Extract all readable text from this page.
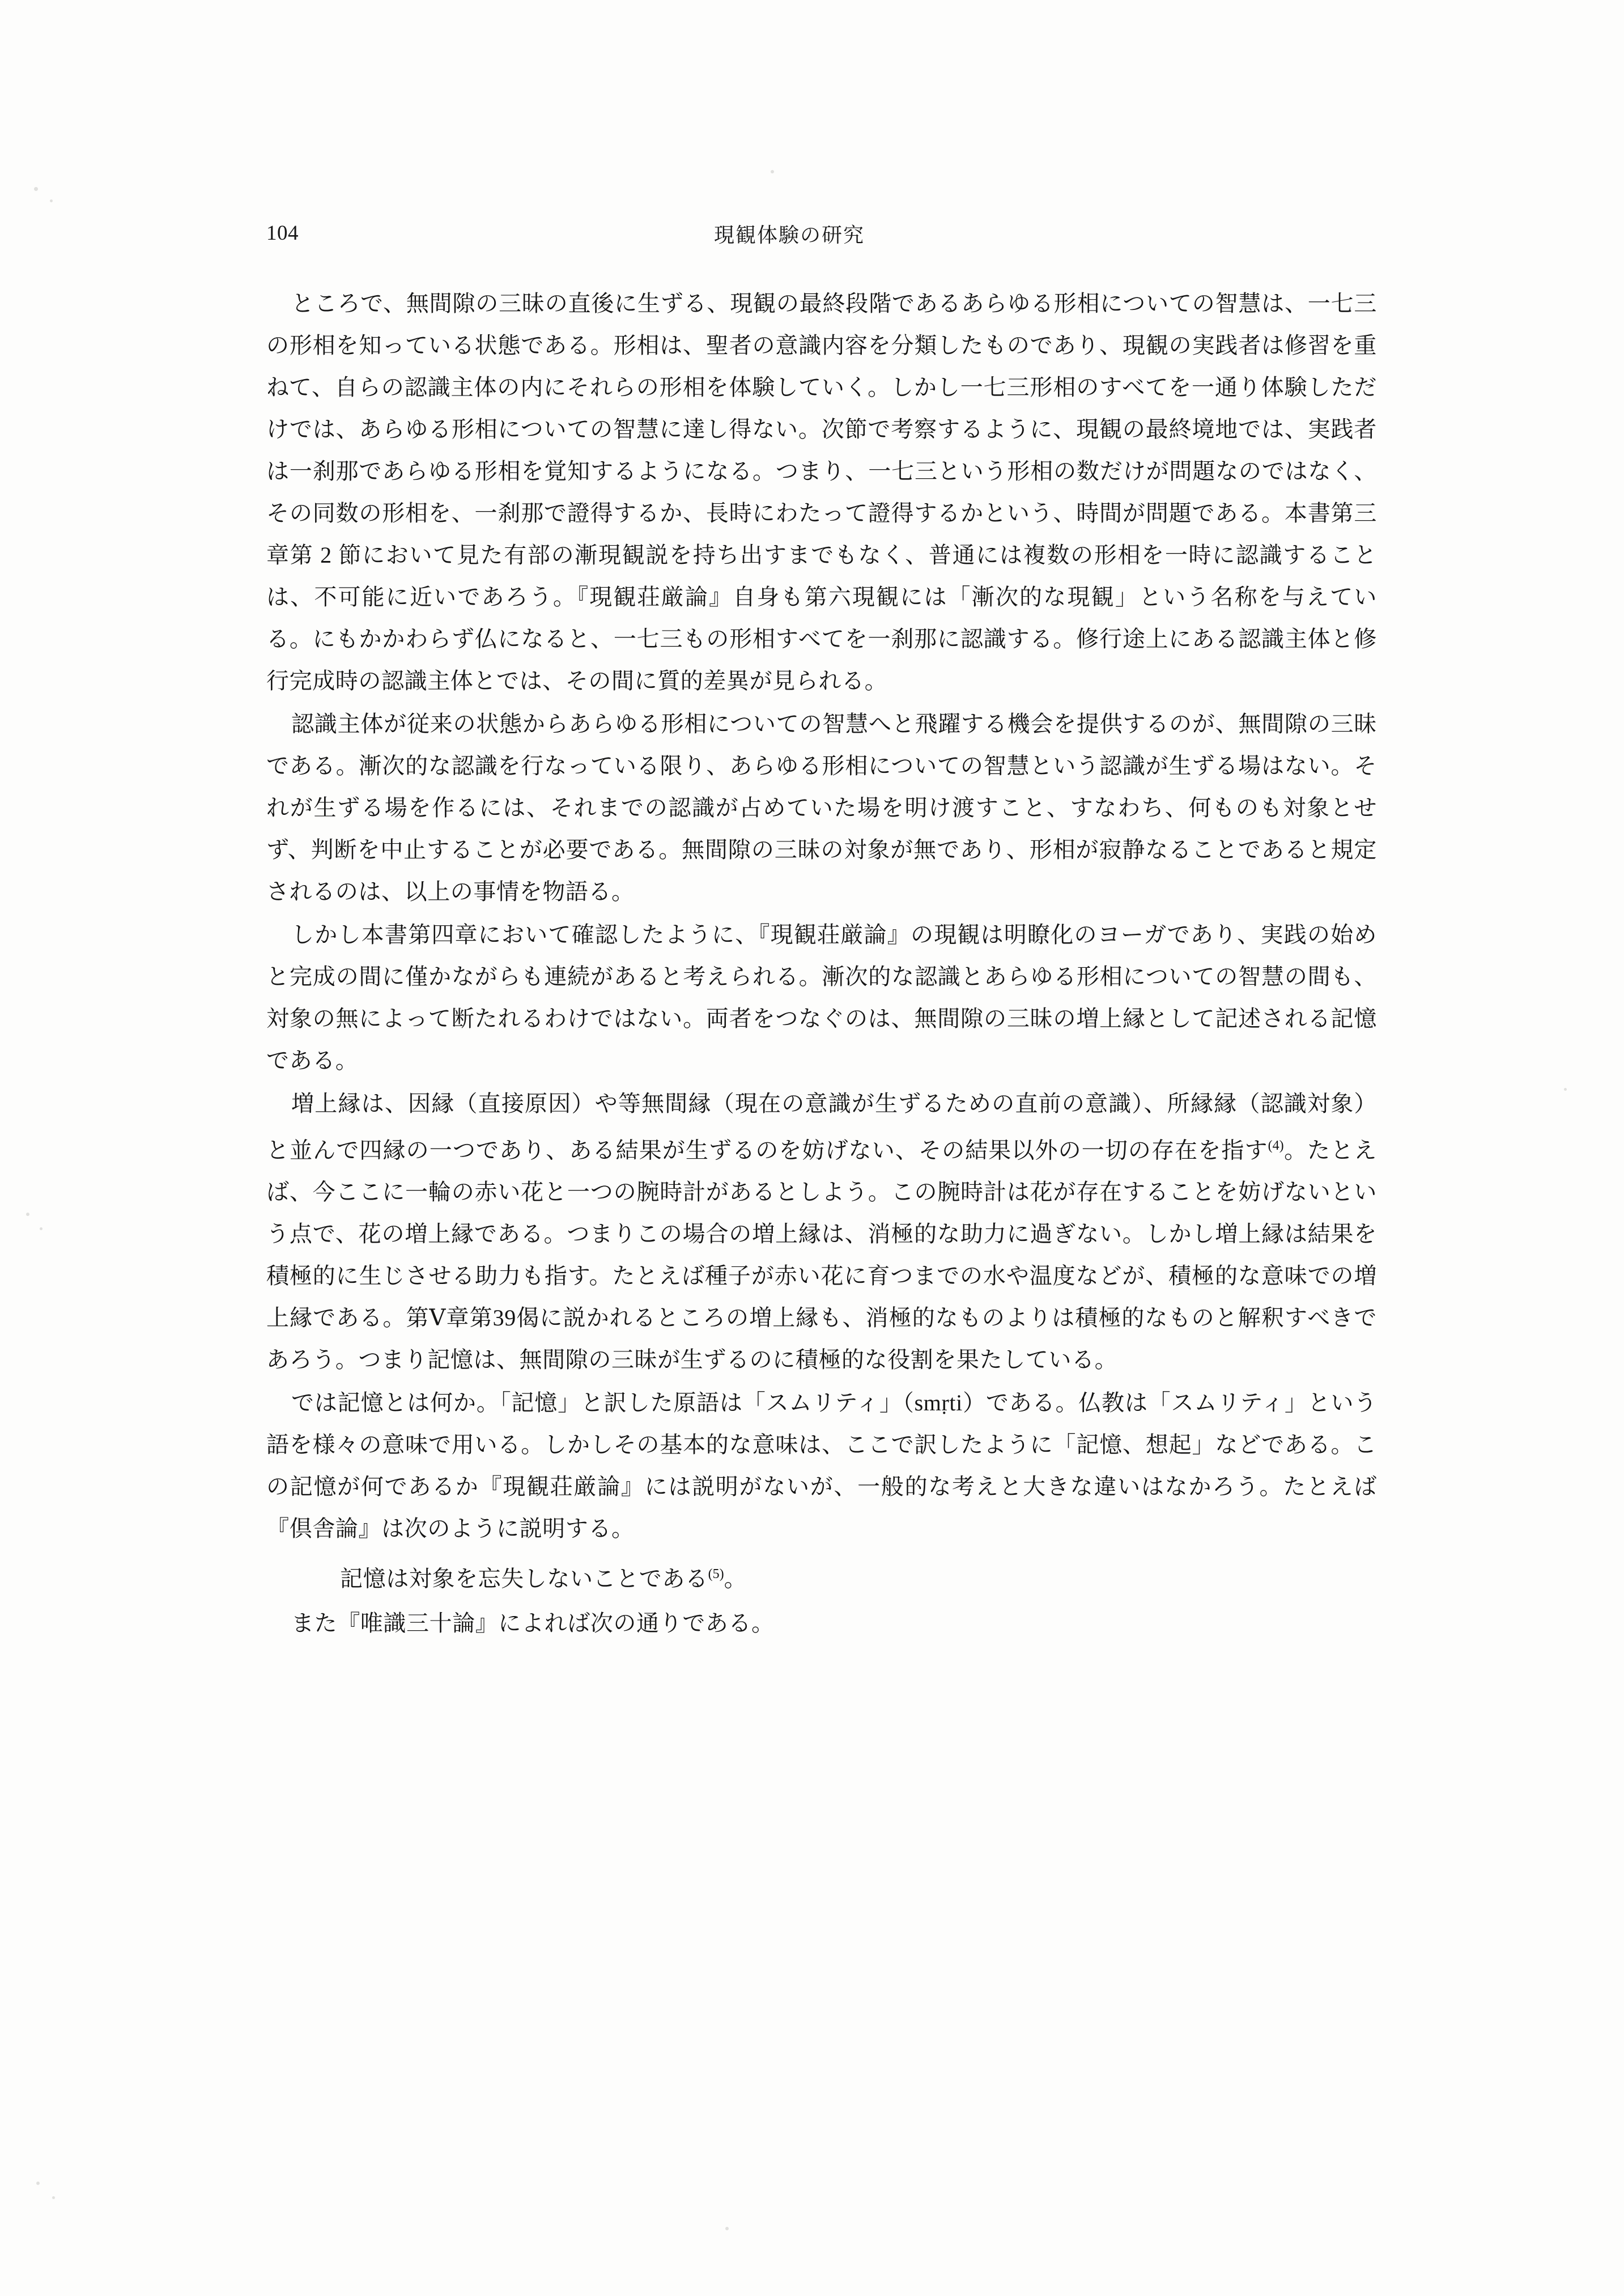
104	現観体験の研究

ところで、無間隙の三昧の直後に生ずる、現観の最終段階であるあらゆる形相についての智慧は、一七三の形相を知っている状態である。形相は、聖者の意識内容を分類したものであり、現観の実践者は修習を重ねて、自らの認識主体の内にそれらの形相を体験していく。しかし一七三形相のすべてを一通り体験しただけでは、あらゆる形相についての智慧に達し得ない。次節で考察するように、現観の最終境地では、実践者は一刹那であらゆる形相を覚知するようになる。つまり、一七三という形相の数だけが問題なのではなく、その同数の形相を、一刹那で證得するか、長時にわたって證得するかという、時間が問題である。本書第三章第 2 節において見た有部の漸現観説を持ち出すまでもなく、普通には複数の形相を一時に認識することは、不可能に近いであろう。『現観荘厳論』自身も第六現観には「漸次的な現観」という名称を与えている。にもかかわらず仏になると、一七三もの形相すべてを一刹那に認識する。修行途上にある認識主体と修行完成時の認識主体とでは、その間に質的差異が見られる。

認識主体が従来の状態からあらゆる形相についての智慧へと飛躍する機会を提供するのが、無間隙の三昧である。漸次的な認識を行なっている限り、あらゆる形相についての智慧という認識が生ずる場はない。それが生ずる場を作るには、それまでの認識が占めていた場を明け渡すこと、すなわち、何ものも対象とせず、判断を中止することが必要である。無間隙の三昧の対象が無であり、形相が寂静なることであると規定されるのは、以上の事情を物語る。

しかし本書第四章において確認したように、『現観荘厳論』の現観は明瞭化のヨーガであり、実践の始めと完成の間に僅かながらも連続があると考えられる。漸次的な認識とあらゆる形相についての智慧の間も、対象の無によって断たれるわけではない。両者をつなぐのは、無間隙の三昧の増上縁として記述される記憶である。

増上縁は、因縁（直接原因）や等無間縁（現在の意識が生ずるための直前の意識）、所縁縁（認識対象）と並んで四縁の一つであり、ある結果が生ずるのを妨げない、その結果以外の一切の存在を指す$^{(4)}$。たとえば、今ここに一輪の赤い花と一つの腕時計があるとしよう。この腕時計は花が存在することを妨げないという点で、花の増上縁である。つまりこの場合の増上縁は、消極的な助力に過ぎない。しかし増上縁は結果を積極的に生じさせる助力も指す。たとえば種子が赤い花に育つまでの水や温度などが、積極的な意味での増上縁である。第Ⅴ章第39偈に説かれるところの増上縁も、消極的なものよりは積極的なものと解釈すべきであろう。つまり記憶は、無間隙の三昧が生ずるのに積極的な役割を果たしている。

では記憶とは何か。「記憶」と訳した原語は「スムリティ」（smṛti）である。仏教は「スムリティ」という語を様々の意味で用いる。しかしその基本的な意味は、ここで訳したように「記憶、想起」などである。この記憶が何であるか『現観荘厳論』には説明がないが、一般的な考えと大きな違いはなかろう。たとえば『倶舎論』は次のように説明する。

記憶は対象を忘失しないことである$^{(5)}$。

また『唯識三十論』によれば次の通りである。
